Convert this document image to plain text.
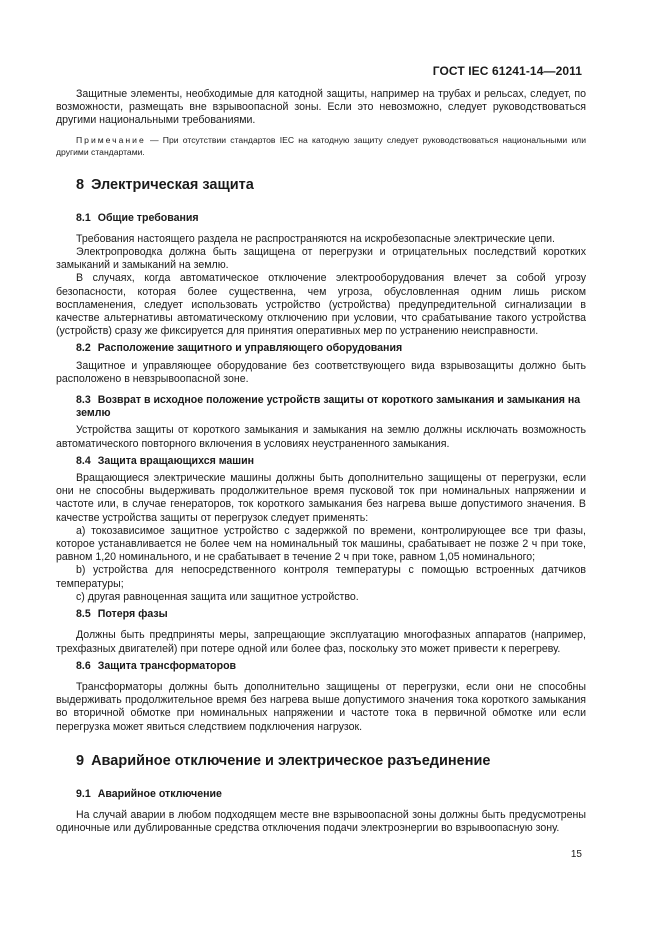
ГОСТ IEC 61241-14—2011

Защитные элементы, необходимые для катодной защиты, например на трубах и рельсах, следует, по возможности, размещать вне взрывоопасной зоны. Если это невозможно, следует руководствоваться другими национальными требованиями.

Примечание — При отсутствии стандартов IEC на катодную защиту следует руководствоваться национальными или другими стандартами.

8 Электрическая защита
8.1 Общие требования

Требования настоящего раздела не распространяются на искробезопасные электрические цепи.

Электропроводка должна быть защищена от перегрузки и отрицательных последствий коротких замыканий и замыканий на землю.

В случаях, когда автоматическое отключение электрооборудования влечет за собой угрозу безопасности, которая более существенна, чем угроза, обусловленная одним лишь риском воспламенения, следует использовать устройство (устройства) предупредительной сигнализации в качестве альтернативы автоматическому отключению при условии, что срабатывание такого устройства (устройств) сразу же фиксируется для принятия оперативных мер по устранению неисправности.

8.2 Расположение защитного и управляющего оборудования

Защитное и управляющее оборудование без соответствующего вида взрывозащиты должно быть расположено в невзрывоопасной зоне.

8.3 Возврат в исходное положение устройств защиты от короткого замыкания и замыкания на землю

Устройства защиты от короткого замыкания и замыкания на землю должны исключать возможность автоматического повторного включения в условиях неустраненного замыкания.

8.4 Защита вращающихся машин

Вращающиеся электрические машины должны быть дополнительно защищены от перегрузки, если они не способны выдерживать продолжительное время пусковой ток при номинальных напряжении и частоте или, в случае генераторов, ток короткого замыкания без нагрева выше допустимого значения. В качестве устройства защиты от перегрузок следует применять:

а) токозависимое защитное устройство с задержкой по времени, контролирующее все три фазы, которое устанавливается не более чем на номинальный ток машины, срабатывает не позже 2 ч при токе, равном 1,20 номинального, и не срабатывает в течение 2 ч при токе, равном 1,05 номинального;

b) устройства для непосредственного контроля температуры с помощью встроенных датчиков температуры;

c) другая равноценная защита или защитное устройство.

8.5 Потеря фазы

Должны быть предприняты меры, запрещающие эксплуатацию многофазных аппаратов (например, трехфазных двигателей) при потере одной или более фаз, поскольку это может привести к перегреву.

8.6 Защита трансформаторов

Трансформаторы должны быть дополнительно защищены от перегрузки, если они не способны выдерживать продолжительное время без нагрева выше допустимого значения тока короткого замыкания во вторичной обмотке при номинальных напряжении и частоте тока в первичной обмотке или если перегрузка может явиться следствием подключения нагрузок.

9 Аварийное отключение и электрическое разъединение
9.1 Аварийное отключение

На случай аварии в любом подходящем месте вне взрывоопасной зоны должны быть предусмотрены одиночные или дублированные средства отключения подачи электроэнергии во взрывоопасную зону.

15
